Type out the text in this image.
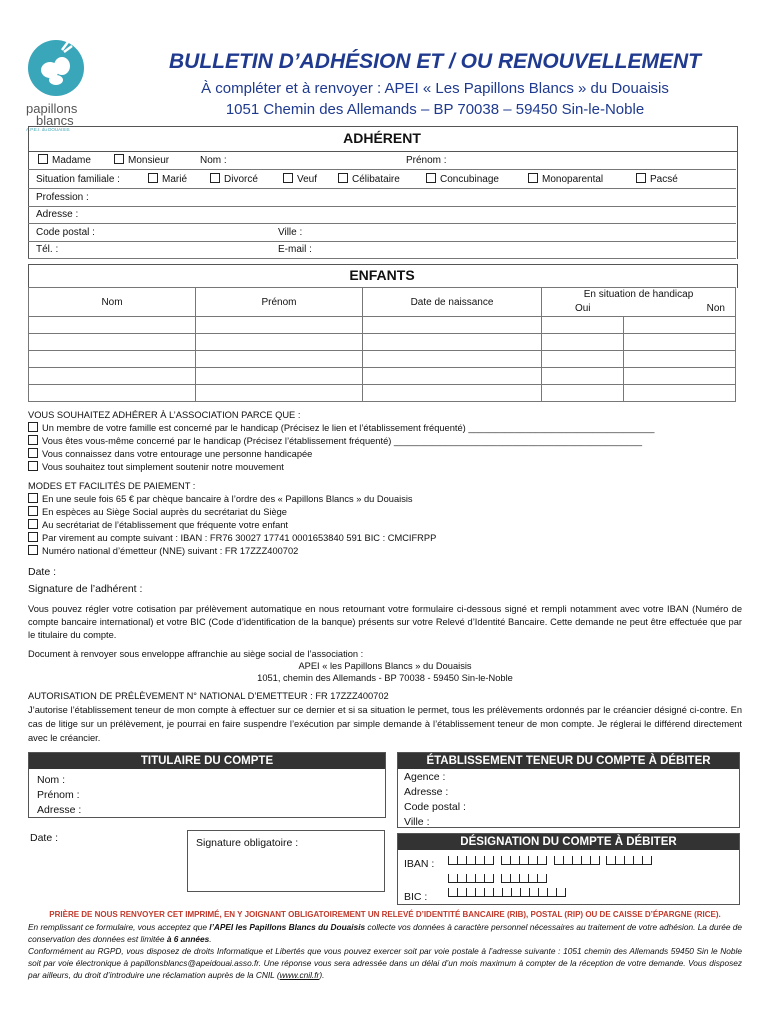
papillons
blancs
A.P.E.I. du DOUAISIS
BULLETIN D’ADHÉSION ET / OU RENOUVELLEMENT
À compléter et à renvoyer : APEI « Les Papillons Blancs » du Douaisis
1051 Chemin des Allemands – BP 70038 – 59450 Sin-le-Noble
ADHÉRENT
Madame	Monsieur	Nom :	Prénom :
Situation familiale :	Marié	Divorcé	Veuf	Célibataire	Concubinage	Monoparental	Pacsé
Profession :
Adresse :
Code postal :	Ville :
Tél. :	E-mail :
ENFANTS
Nom	Prénom	Date de naissance	En situation de handicap	
			Oui	Non

VOUS SOUHAITEZ ADHÉRER À L’ASSOCIATION PARCE QUE :
Un membre de votre famille est concerné par le handicap (Précisez le lien et l’établissement fréquenté) ____________________________________
Vous êtes vous-même concerné par le handicap (Précisez l’établissement fréquenté) ________________________________________________
Vous connaissez dans votre entourage une personne handicapée
Vous souhaitez tout simplement soutenir notre mouvement
MODES ET FACILITÉS DE PAIEMENT :
En une seule fois 65 € par chèque bancaire à l’ordre des « Papillons Blancs » du Douaisis
En espèces au Siège Social auprès du secrétariat du Siège
Au secrétariat de l’établissement que fréquente votre enfant
Par virement au compte suivant : IBAN : FR76 30027 17741 0001653840 591 BIC : CMCIFRPP
Numéro national d’émetteur (NNE) suivant : FR 17ZZZ400702
Date :
Signature de l’adhérent :
Vous pouvez régler votre cotisation par prélèvement automatique en nous retournant votre formulaire ci-dessous signé et rempli notamment avec votre IBAN (Numéro de compte bancaire international) et votre BIC (Code d’identification de la banque) présents sur votre Relevé d’Identité Bancaire. Cette demande ne peut être effectuée que par le titulaire du compte.
Document à renvoyer sous enveloppe affranchie au siège social de l’association :
APEI « les Papillons Blancs » du Douaisis
1051, chemin des Allemands - BP 70038 - 59450 Sin-le-Noble
AUTORISATION DE PRÉLÈVEMENT N° NATIONAL D’EMETTEUR : FR 17ZZZ400702
J’autorise l’établissement teneur de mon compte à effectuer sur ce dernier et si sa situation le permet, tous les prélèvements ordonnés par le créancier désigné ci-contre. En cas de litige sur un prélèvement, je pourrai en faire suspendre l’exécution par simple demande à l’établissement teneur de mon compte. Je réglerai le différend directement avec le créancier.
TITULAIRE DU COMPTE
Nom :
Prénom :
Adresse :
Date :	Signature obligatoire :
ÉTABLISSEMENT TENEUR DU COMPTE À DÉBITER
Agence :
Adresse :
Code postal :
Ville :
DÉSIGNATION DU COMPTE À DÉBITER
IBAN :

BIC :
PRIÈRE DE NOUS RENVOYER CET IMPRIMÉ, EN Y JOIGNANT OBLIGATOIREMENT UN RELEVÉ D’IDENTITÉ BANCAIRE (RIB), POSTAL (RIP) OU DE CAISSE D’ÉPARGNE (RICE).
En remplissant ce formulaire, vous acceptez que l’APEI les Papillons Blancs du Douaisis collecte vos données à caractère personnel nécessaires au traitement de votre adhésion. La durée de conservation des données est limitée à 6 années.
Conformément au RGPD, vous disposez de droits Informatique et Libertés que vous pouvez exercer soit par voie postale à l’adresse suivante : 1051 chemin des Allemands 59450 Sin le Noble soit par voie électronique à papillonsblancs@apeidouai.asso.fr. Une réponse vous sera adressée dans un délai d’un mois maximum à compter de la réception de votre demande. Vous disposez par ailleurs, du droit d’introduire une réclamation auprès de la CNIL (www.cnil.fr).
